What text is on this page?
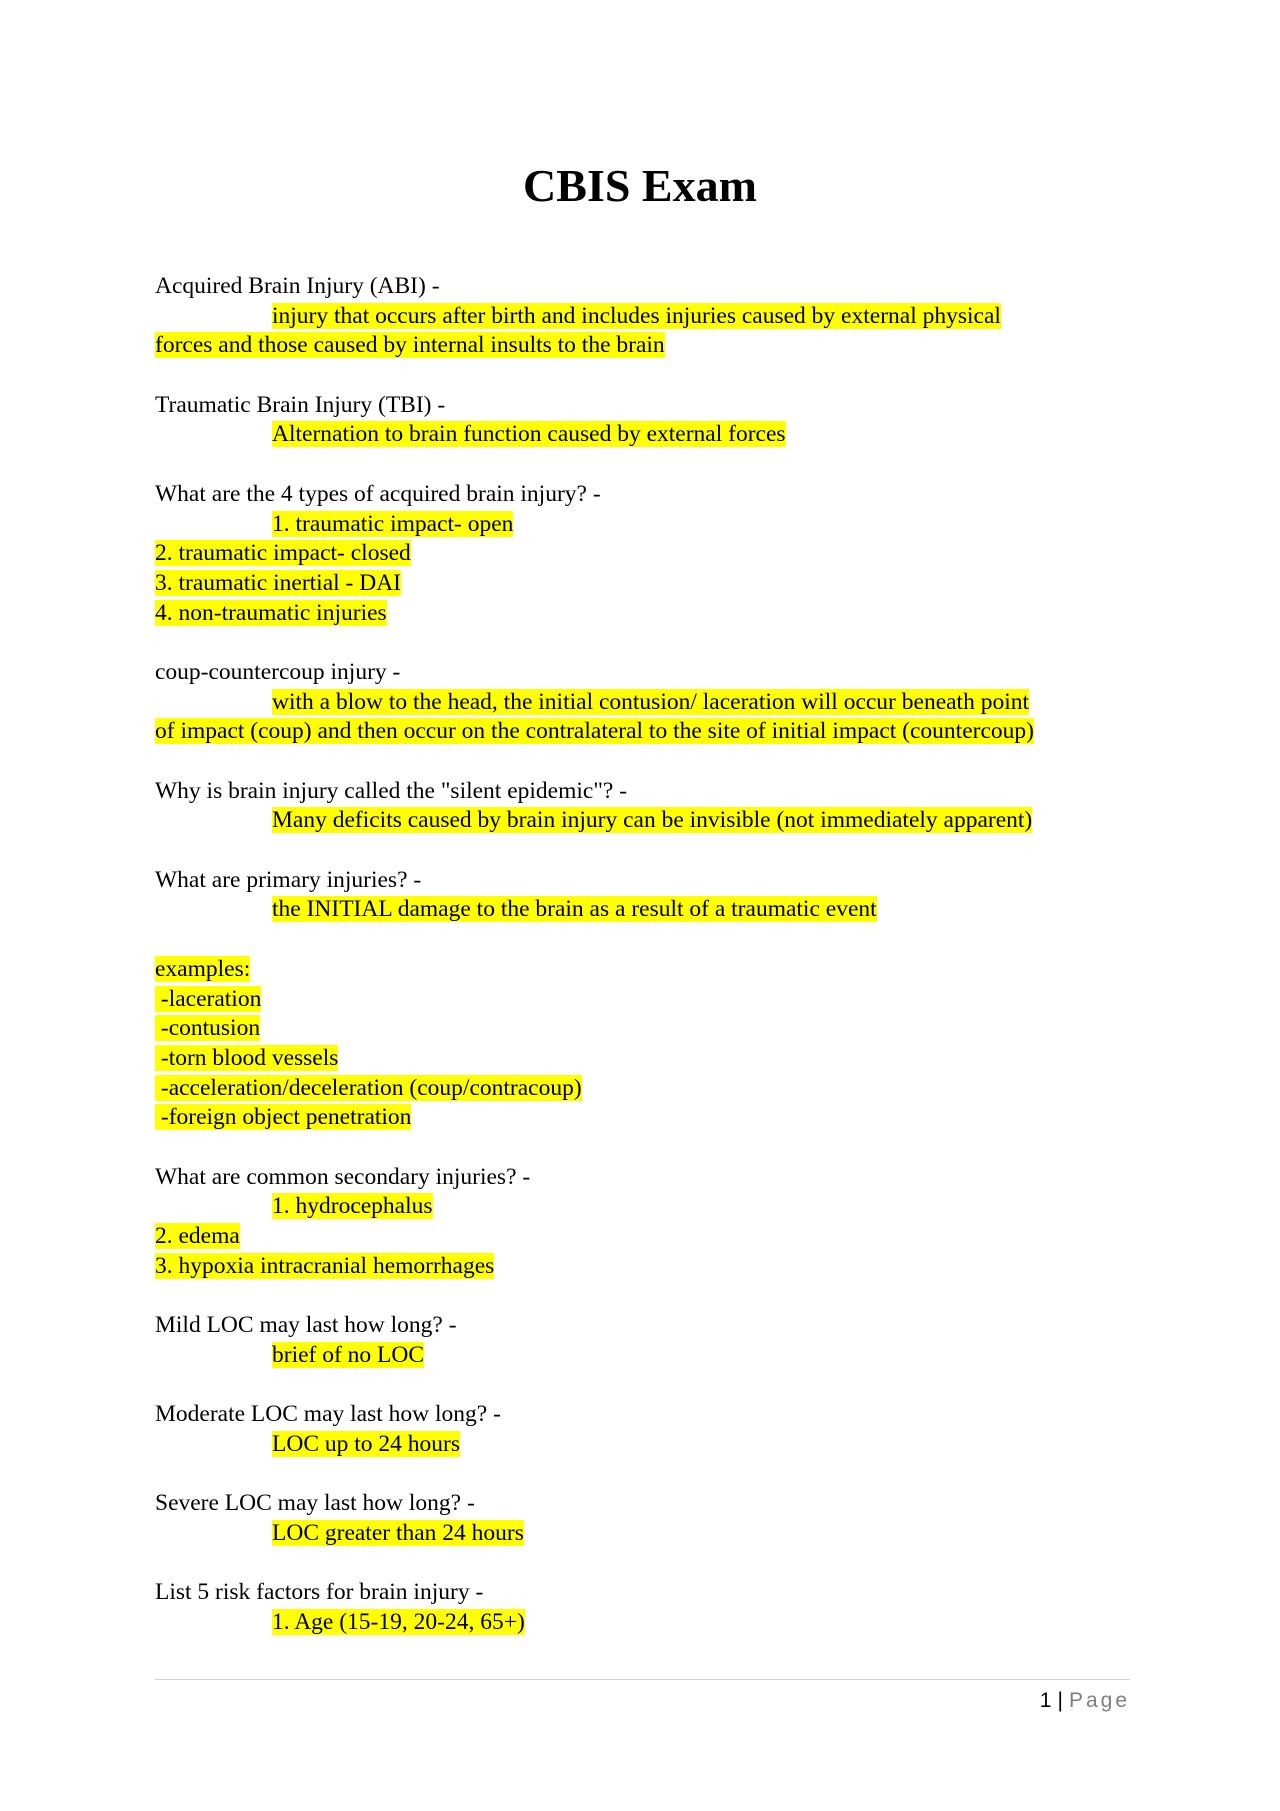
CBIS Exam
Acquired Brain Injury (ABI) -
injury that occurs after birth and includes injuries caused by external physical
forces and those caused by internal insults to the brain
Traumatic Brain Injury (TBI) -
Alternation to brain function caused by external forces
What are the 4 types of acquired brain injury? -
1. traumatic impact- open
2. traumatic impact- closed
3. traumatic inertial - DAI
4. non-traumatic injuries
coup-countercoup injury -
with a blow to the head, the initial contusion/ laceration will occur beneath point
of impact (coup) and then occur on the contralateral to the site of initial impact (countercoup)
Why is brain injury called the "silent epidemic"? -
Many deficits caused by brain injury can be invisible (not immediately apparent)
What are primary injuries? -
the INITIAL damage to the brain as a result of a traumatic event
examples:
-laceration
-contusion
-torn blood vessels
-acceleration/deceleration (coup/contracoup)
-foreign object penetration
What are common secondary injuries? -
1. hydrocephalus
2. edema
3. hypoxia intracranial hemorrhages
Mild LOC may last how long? -
brief of no LOC
Moderate LOC may last how long? -
LOC up to 24 hours
Severe LOC may last how long? -
LOC greater than 24 hours
List 5 risk factors for brain injury -
1. Age (15-19, 20-24, 65+)
1 | Page
